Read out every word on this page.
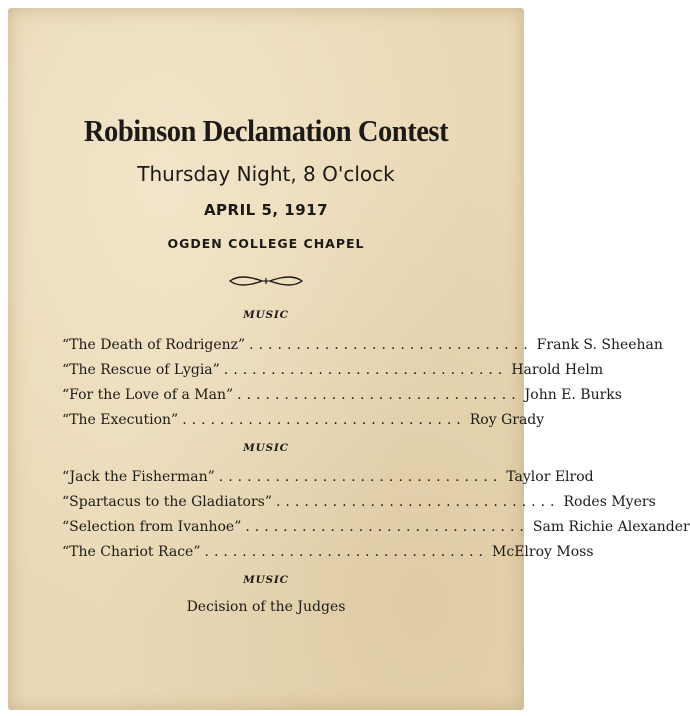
Robinson Declamation Contest
Thursday Night, 8 O'clock
APRIL 5, 1917
OGDEN COLLEGE CHAPEL
MUSIC
“The Death of Rodrigenz” .............................. Frank S. Sheehan
“The Rescue of Lygia” .............................. Harold Helm
“For the Love of a Man” .............................. John E. Burks
“The Execution” .............................. Roy Grady
MUSIC
“Jack the Fisherman” .............................. Taylor Elrod
“Spartacus to the Gladiators” .............................. Rodes Myers
“Selection from Ivanhoe” .............................. Sam Richie Alexander
“The Chariot Race” .............................. McElroy Moss
MUSIC
Decision of the Judges
